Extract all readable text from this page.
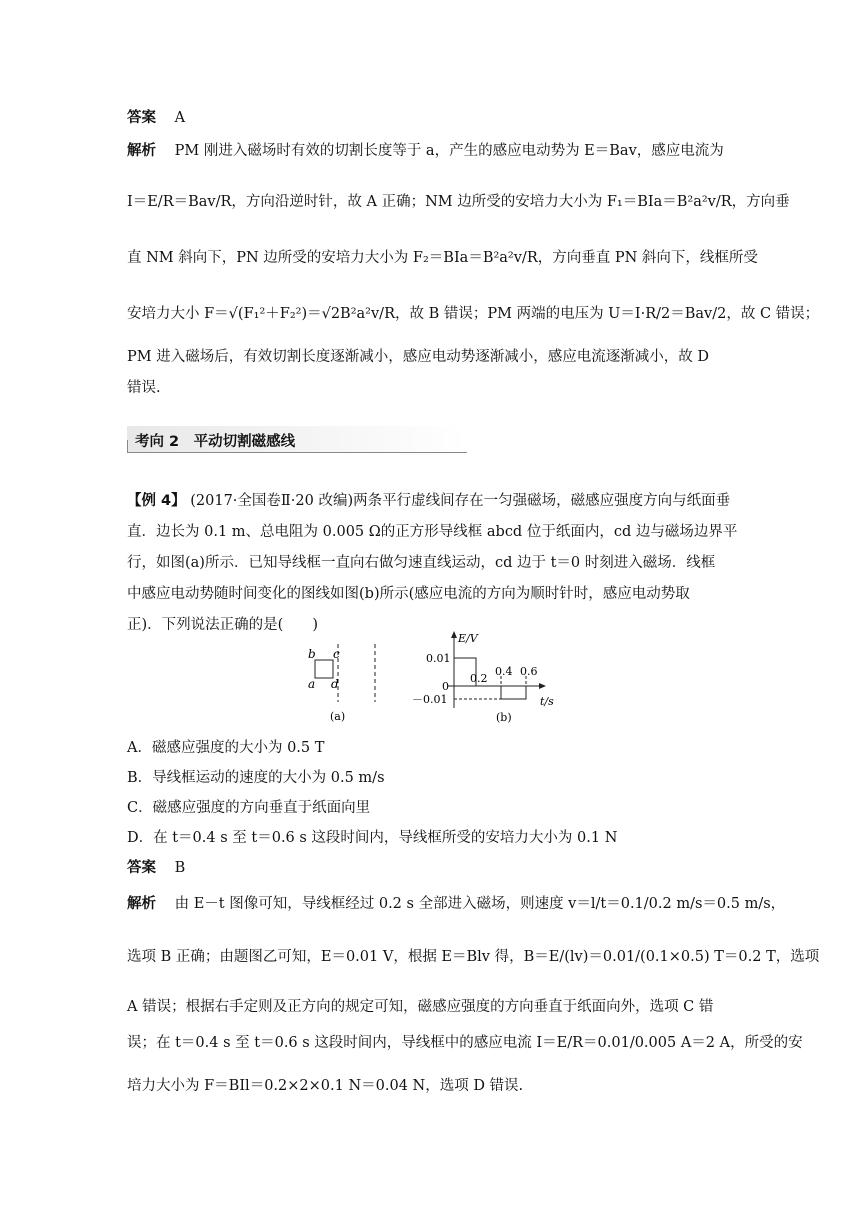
答案 A
解析 PM 刚进入磁场时有效的切割长度等于 a，产生的感应电动势为 E＝Bav，感应电流为
I＝E/R＝Bav/R，方向沿逆时针，故 A 正确；NM 边所受的安培力大小为 F₁＝BIa＝B²a²v/R，方向垂
直 NM 斜向下，PN 边所受的安培力大小为 F₂＝BIa＝B²a²v/R，方向垂直 PN 斜向下，线框所受
安培力大小 F＝√(F₁²＋F₂²)＝√2B²a²v/R，故 B 错误；PM 两端的电压为 U＝I·R/2＝Bav/2，故 C 错误；
PM 进入磁场后，有效切割长度逐渐减小，感应电动势逐渐减小，感应电流逐渐减小，故 D
错误.
考向 2　平动切割磁感线
【例 4】 (2017·全国卷Ⅱ·20 改编)两条平行虚线间存在一匀强磁场，磁感应强度方向与纸面垂
直．边长为 0.1 m、总电阻为 0.005 Ω的正方形导线框 abcd 位于纸面内，cd 边与磁场边界平
行，如图(a)所示．已知导线框一直向右做匀速直线运动，cd 边于 t＝0 时刻进入磁场．线框
中感应电动势随时间变化的图线如图(b)所示(感应电流的方向为顺时针时，感应电动势取
正)．下列说法正确的是(　　)
b c
a d
(a)
E/V
t/s
0.01
0
－0.01
0.2
0.4 0.6
(b)
A．磁感应强度的大小为 0.5 T
B．导线框运动的速度的大小为 0.5 m/s
C．磁感应强度的方向垂直于纸面向里
D．在 t＝0.4 s 至 t＝0.6 s 这段时间内，导线框所受的安培力大小为 0.1 N
答案 B
解析 由 E－t 图像可知，导线框经过 0.2 s 全部进入磁场，则速度 v＝l/t＝0.1/0.2 m/s＝0.5 m/s，
选项 B 正确；由题图乙可知，E＝0.01 V，根据 E＝Blv 得，B＝E/(lv)＝0.01/(0.1×0.5) T＝0.2 T，选项
A 错误；根据右手定则及正方向的规定可知，磁感应强度的方向垂直于纸面向外，选项 C 错
误；在 t＝0.4 s 至 t＝0.6 s 这段时间内，导线框中的感应电流 I＝E/R＝0.01/0.005 A＝2 A，所受的安
培力大小为 F＝BIl＝0.2×2×0.1 N＝0.04 N，选项 D 错误.
